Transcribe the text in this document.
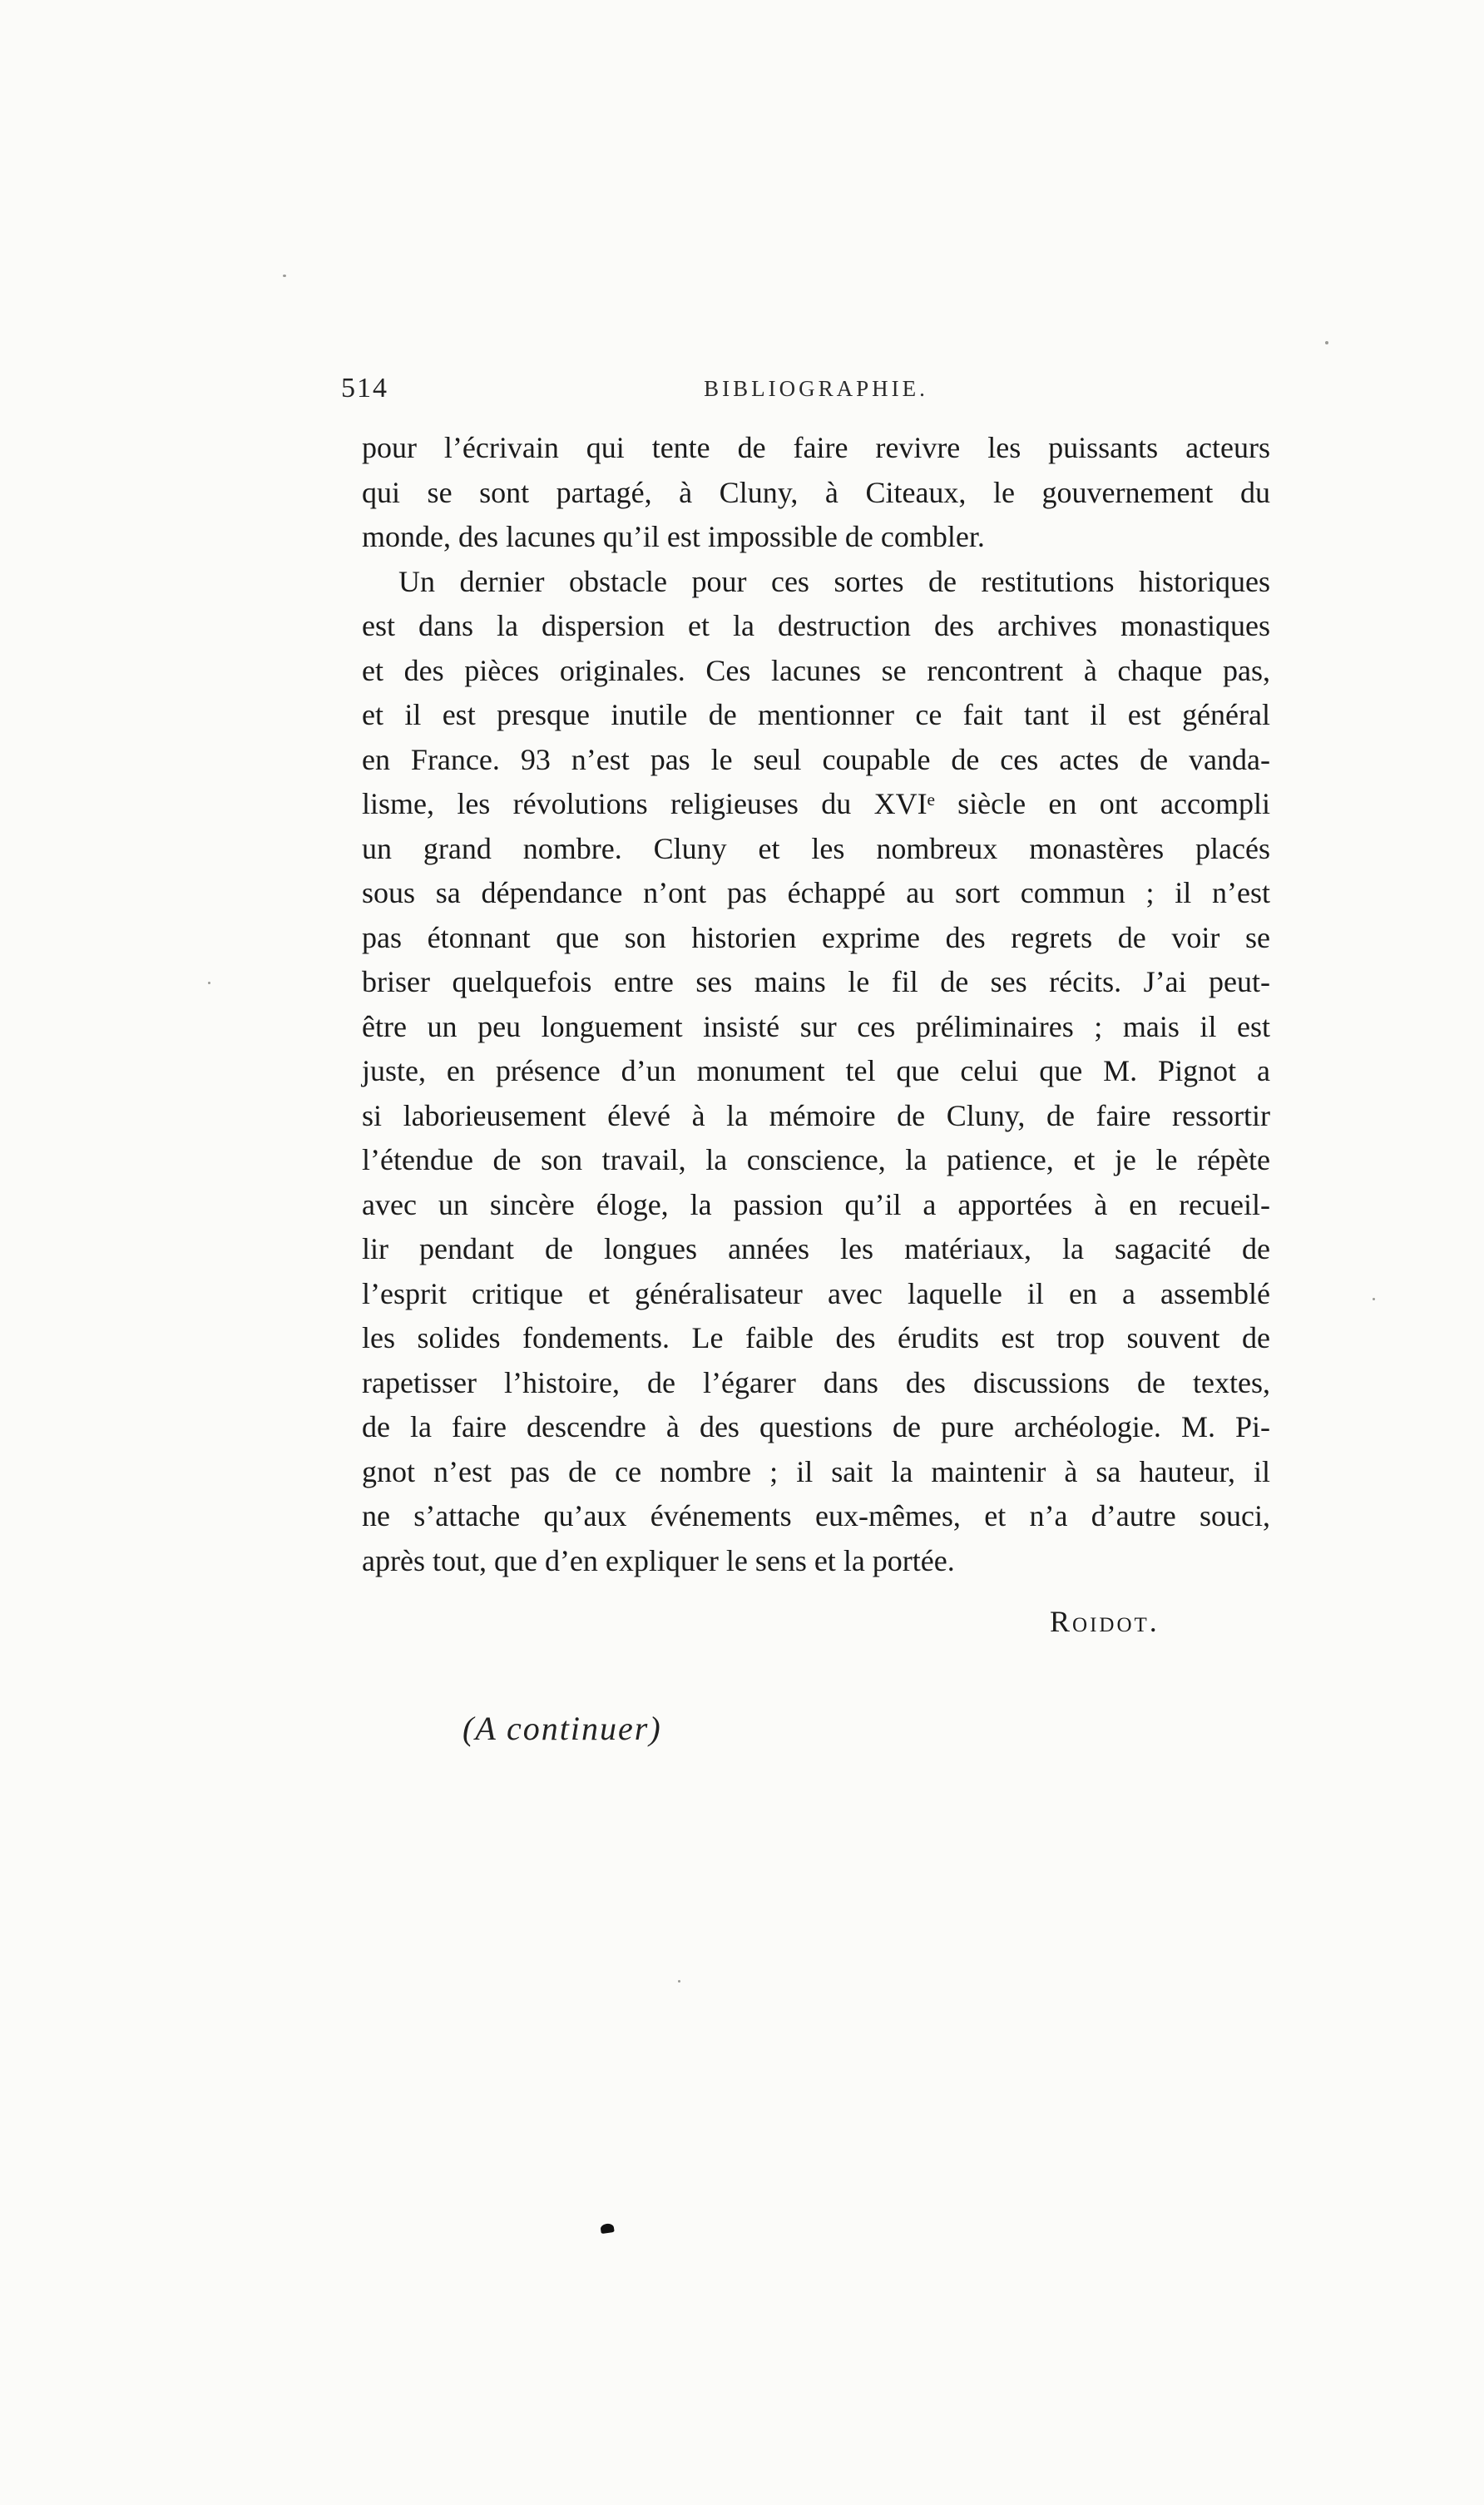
514	BIBLIOGRAPHIE.
pour l’écrivain qui tente de faire revivre les puissants acteurs
qui se sont partagé, à Cluny, à Citeaux, le gouvernement du
monde, des lacunes qu’il est impossible de combler.
Un dernier obstacle pour ces sortes de restitutions historiques
est dans la dispersion et la destruction des archives monastiques
et des pièces originales. Ces lacunes se rencontrent à chaque pas,
et il est presque inutile de mentionner ce fait tant il est général
en France. 93 n’est pas le seul coupable de ces actes de vanda-
lisme, les révolutions religieuses du XVIᵉ siècle en ont accompli
un grand nombre. Cluny et les nombreux monastères placés
sous sa dépendance n’ont pas échappé au sort commun ; il n’est
pas étonnant que son historien exprime des regrets de voir se
briser quelquefois entre ses mains le fil de ses récits. J’ai peut-
être un peu longuement insisté sur ces préliminaires ; mais il est
juste, en présence d’un monument tel que celui que M. Pignot a
si laborieusement élevé à la mémoire de Cluny, de faire ressortir
l’étendue de son travail, la conscience, la patience, et je le répète
avec un sincère éloge, la passion qu’il a apportées à en recueil-
lir pendant de longues années les matériaux, la sagacité de
l’esprit critique et généralisateur avec laquelle il en a assemblé
les solides fondements. Le faible des érudits est trop souvent de
rapetisser l’histoire, de l’égarer dans des discussions de textes,
de la faire descendre à des questions de pure archéologie. M. Pi-
gnot n’est pas de ce nombre ; il sait la maintenir à sa hauteur, il
ne s’attache qu’aux événements eux-mêmes, et n’a d’autre souci,
après tout, que d’en expliquer le sens et la portée.
Roidot.
(A continuer)
